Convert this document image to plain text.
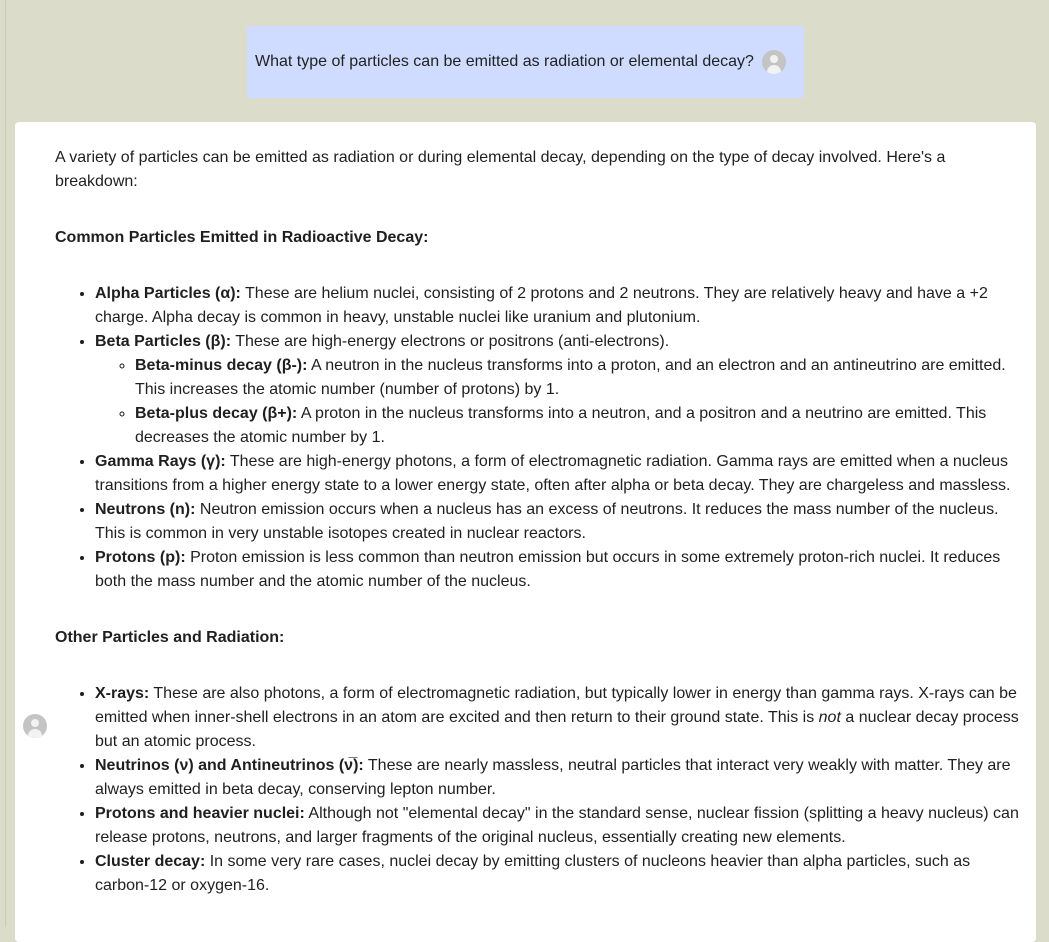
What type of particles can be emitted as radiation or elemental decay?

A variety of particles can be emitted as radiation or during elemental decay, depending on the type of decay involved. Here's a breakdown:

Common Particles Emitted in Radioactive Decay:
• Alpha Particles (α): These are helium nuclei, consisting of 2 protons and 2 neutrons. They are relatively heavy and have a +2 charge. Alpha decay is common in heavy, unstable nuclei like uranium and plutonium.
• Beta Particles (β): These are high-energy electrons or positrons (anti-electrons).
◦ Beta-minus decay (β-): A neutron in the nucleus transforms into a proton, and an electron and an antineutrino are emitted. This increases the atomic number (number of protons) by 1.
◦ Beta-plus decay (β+): A proton in the nucleus transforms into a neutron, and a positron and a neutrino are emitted. This decreases the atomic number by 1.
• Gamma Rays (γ): These are high-energy photons, a form of electromagnetic radiation. Gamma rays are emitted when a nucleus transitions from a higher energy state to a lower energy state, often after alpha or beta decay. They are chargeless and massless.
• Neutrons (n): Neutron emission occurs when a nucleus has an excess of neutrons. It reduces the mass number of the nucleus. This is common in very unstable isotopes created in nuclear reactors.
• Protons (p): Proton emission is less common than neutron emission but occurs in some extremely proton-rich nuclei. It reduces both the mass number and the atomic number of the nucleus.
Other Particles and Radiation:
• X-rays: These are also photons, a form of electromagnetic radiation, but typically lower in energy than gamma rays. X-rays can be emitted when inner-shell electrons in an atom are excited and then return to their ground state. This is not a nuclear decay process but an atomic process.
• Neutrinos (ν) and Antineutrinos (ν̅): These are nearly massless, neutral particles that interact very weakly with matter. They are always emitted in beta decay, conserving lepton number.
• Protons and heavier nuclei: Although not "elemental decay" in the standard sense, nuclear fission (splitting a heavy nucleus) can release protons, neutrons, and larger fragments of the original nucleus, essentially creating new elements.
• Cluster decay: In some very rare cases, nuclei decay by emitting clusters of nucleons heavier than alpha particles, such as carbon-12 or oxygen-16.
